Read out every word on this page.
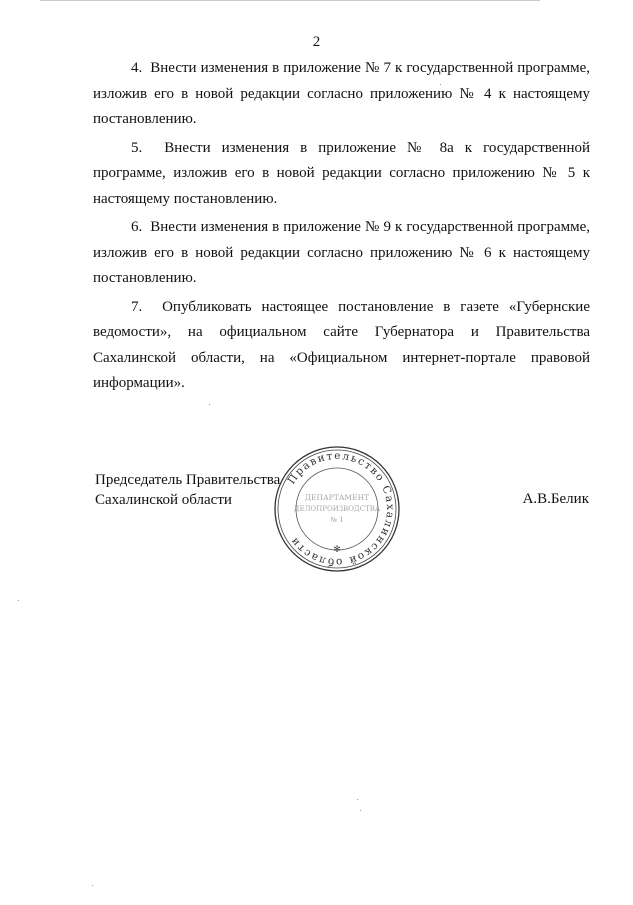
2

4.  Внести изменения в приложение № 7 к государственной программе, изложив его в новой редакции согласно приложению № 4 к настоящему постановлению.

5.  Внести изменения в приложение № 8а к государственной программе, изложив его в новой редакции согласно приложению № 5 к настоящему постановлению.

6.  Внести изменения в приложение № 9 к государственной программе, изложив его в новой редакции согласно приложению № 6 к настоящему постановлению.

7.  Опубликовать настоящее постановление в газете «Губернские ведомости», на официальном сайте Губернатора и Правительства Сахалинской области, на «Официальном интернет-портале правовой информации».

Председатель Правительства
Сахалинской области	А.В.Белик
Правительство Сахалинской области
✻
ДЕПАРТАМЕНТ
ДЕЛОПРОИЗВОДСТВА
№ 1
